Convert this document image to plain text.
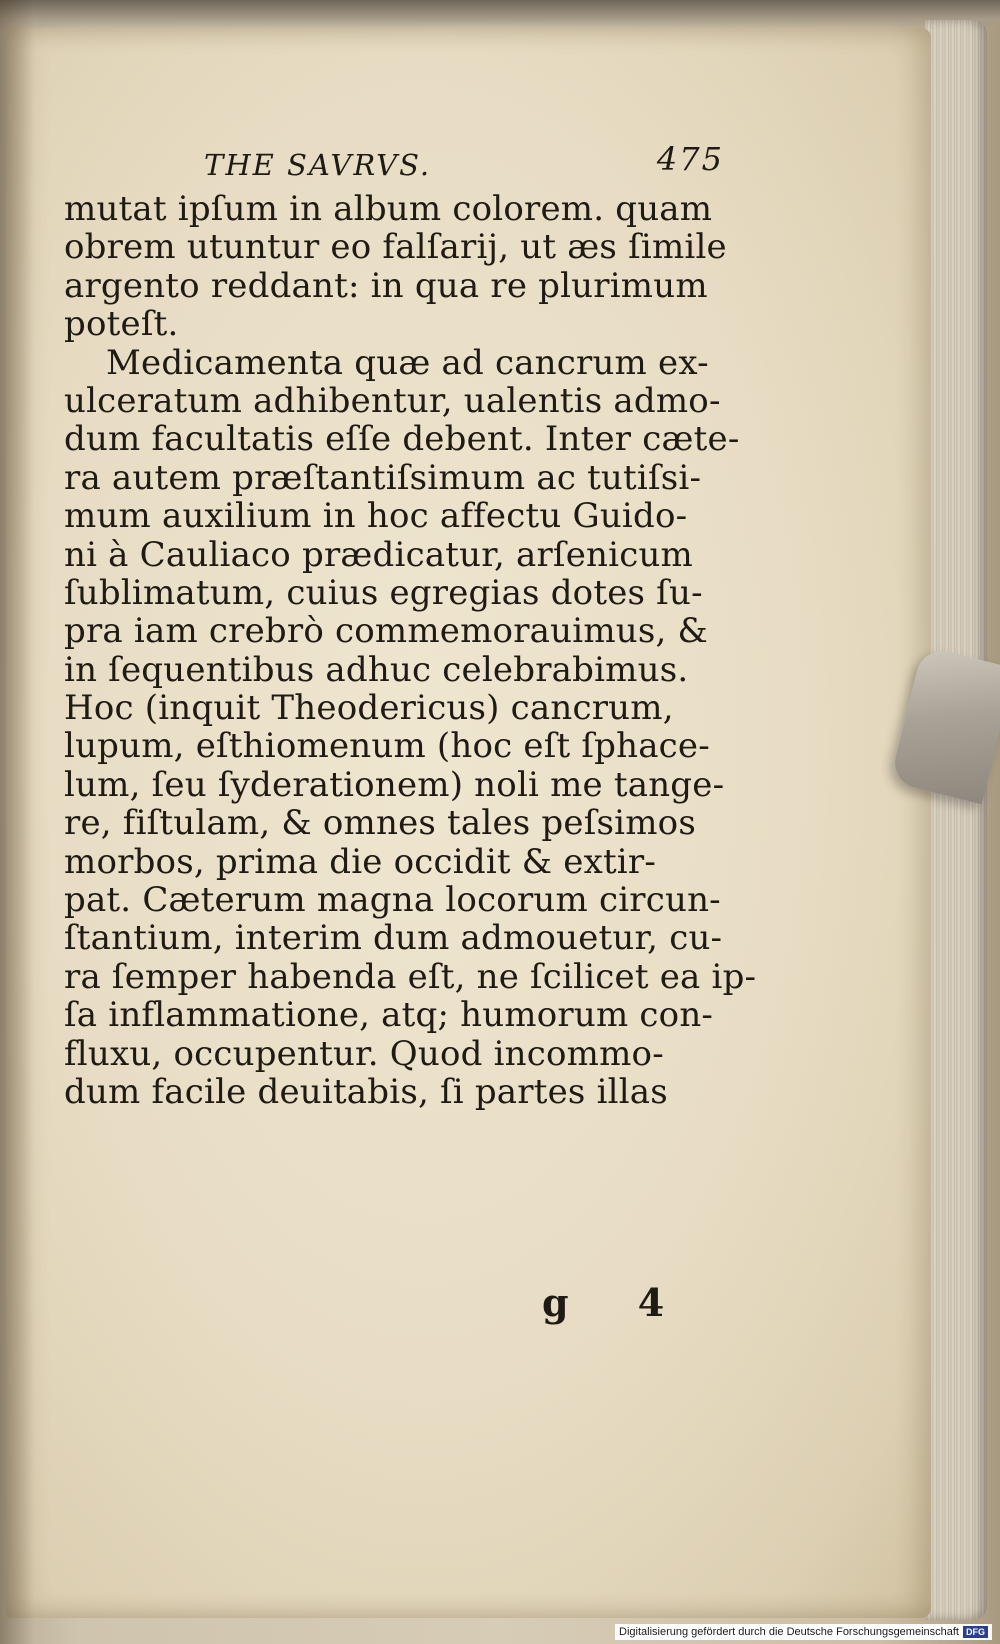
THE SAVRVS.	475
mutat ipſum in album colorem. quam
obrem utuntur eo falſarij, ut æs ſimile
argento reddant: in qua re plurimum
poteſt.
Medicamenta quæ ad cancrum ex-
ulceratum adhibentur, ualentis admo-
dum facultatis eſſe debent. Inter cæte-
ra autem præſtantiſsimum ac tutiſsi-
mum auxilium in hoc affectu Guido-
ni à Cauliaco prædicatur, arſenicum
ſublimatum, cuius egregias dotes ſu-
pra iam crebrò commemorauimus, &
in ſequentibus adhuc celebrabimus.
Hoc (inquit Theodericus) cancrum,
lupum, eſthiomenum (hoc eſt ſphace-
lum, ſeu ſyderationem) noli me tange-
re, fiſtulam, & omnes tales peſsimos
morbos, prima die occidit & extir-
pat. Cæterum magna locorum circun-
ſtantium, interim dum admouetur, cu-
ra ſemper habenda eſt, ne ſcilicet ea ip-
ſa inflammatione, atq; humorum con-
fluxu, occupentur. Quod incommo-
dum facile deuitabis, ſi partes illas
g 4
Digitalisierung gefördert durch die Deutsche Forschungsgemeinschaft DFG
